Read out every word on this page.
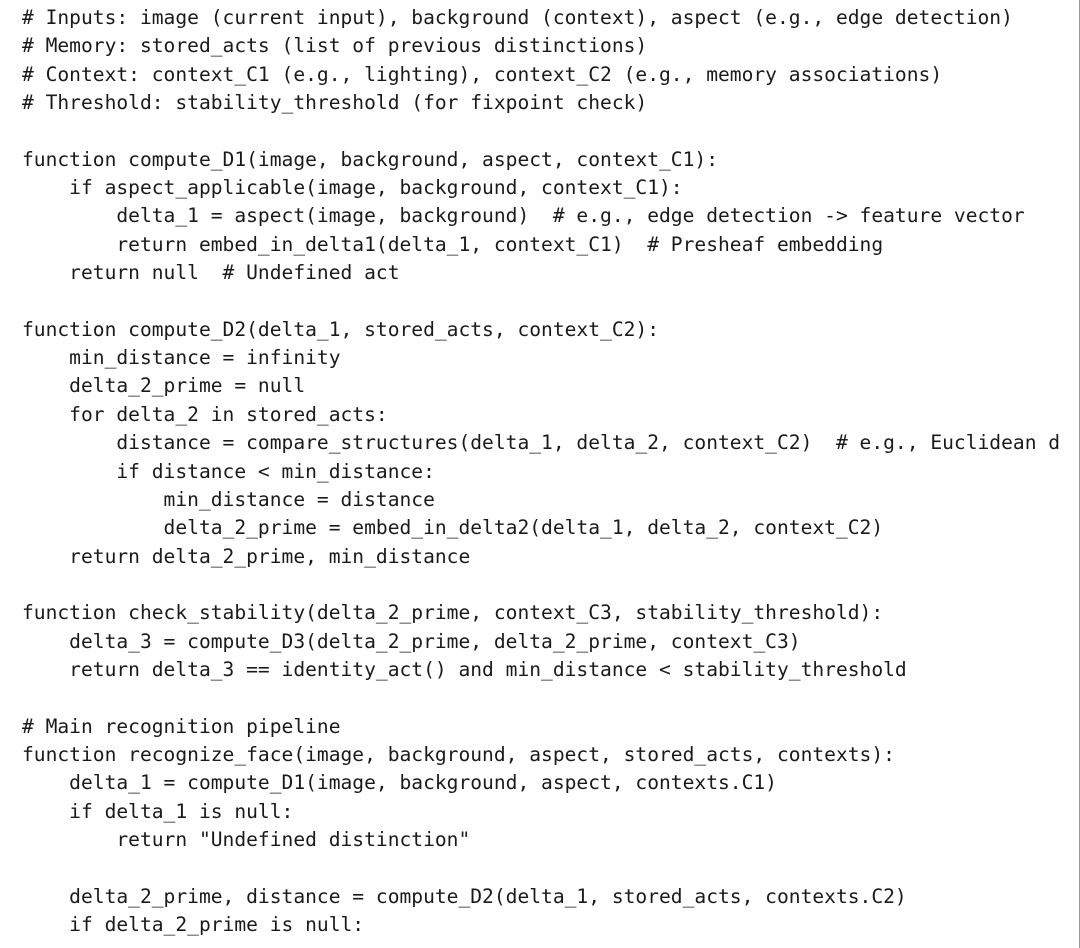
# Inputs: image (current input), background (context), aspect (e.g., edge detection)
# Memory: stored_acts (list of previous distinctions)
# Context: context_C1 (e.g., lighting), context_C2 (e.g., memory associations)
# Threshold: stability_threshold (for fixpoint check)
function compute_D1(image, background, aspect, context_C1):
if aspect_applicable(image, background, context_C1):
delta_1 = aspect(image, background)  # e.g., edge detection -> feature vector
return embed_in_delta1(delta_1, context_C1)  # Presheaf embedding
return null  # Undefined act
function compute_D2(delta_1, stored_acts, context_C2):
min_distance = infinity
delta_2_prime = null
for delta_2 in stored_acts:
distance = compare_structures(delta_1, delta_2, context_C2)  # e.g., Euclidean d
if distance < min_distance:
min_distance = distance
delta_2_prime = embed_in_delta2(delta_1, delta_2, context_C2)
return delta_2_prime, min_distance
function check_stability(delta_2_prime, context_C3, stability_threshold):
delta_3 = compute_D3(delta_2_prime, delta_2_prime, context_C3)
return delta_3 == identity_act() and min_distance < stability_threshold
# Main recognition pipeline
function recognize_face(image, background, aspect, stored_acts, contexts):
delta_1 = compute_D1(image, background, aspect, contexts.C1)
if delta_1 is null:
return "Undefined distinction"
delta_2_prime, distance = compute_D2(delta_1, stored_acts, contexts.C2)
if delta_2_prime is null:
